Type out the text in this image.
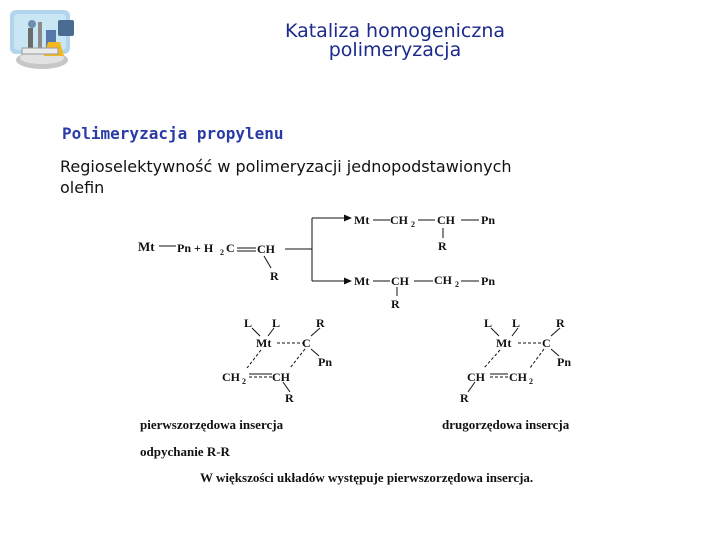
Kataliza homogeniczna
polimeryzacja
Polimeryzacja propylenu
Regioselektywność w polimeryzacji jednopodstawionych
olefin
Mt Pn + H 2 C CH
R
Mt CH 2 CH Pn
R
Mt CH CH 2 Pn
R
L L	R
Mt	C
Pn
CH 2 CH
R
L L	R
Mt	C
Pn
CH CH 2
R
pierwszorzędowa insercja	drugorzędowa insercja
odpychanie R-R
W większości układów występuje pierwszorzędowa insercja.
